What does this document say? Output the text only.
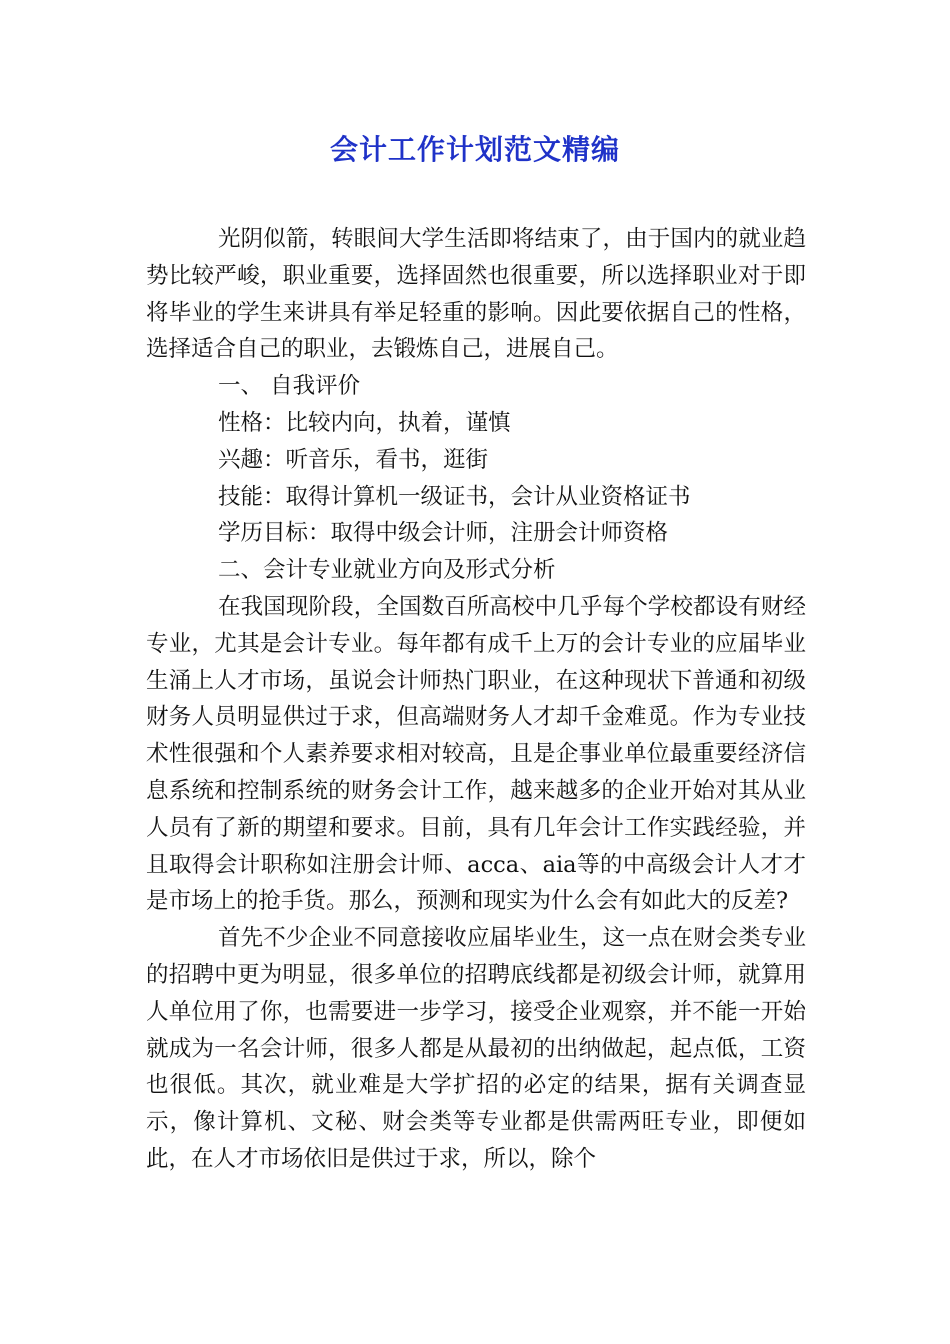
会计工作计划范文精编

光阴似箭，转眼间大学生活即将结束了，由于国内的就业趋势比较严峻，职业重要，选择固然也很重要，所以选择职业对于即将毕业的学生来讲具有举足轻重的影响。因此要依据自己的性格，选择适合自己的职业，去锻炼自己，进展自己。

一、 自我评价

性格：比较内向，执着，谨慎

兴趣：听音乐，看书，逛街

技能：取得计算机一级证书，会计从业资格证书

学历目标：取得中级会计师，注册会计师资格

二、会计专业就业方向及形式分析

在我国现阶段，全国数百所高校中几乎每个学校都设有财经专业，尤其是会计专业。每年都有成千上万的会计专业的应届毕业生涌上人才市场，虽说会计师热门职业，在这种现状下普通和初级财务人员明显供过于求，但高端财务人才却千金难觅。作为专业技术性很强和个人素养要求相对较高，且是企事业单位最重要经济信息系统和控制系统的财务会计工作，越来越多的企业开始对其从业人员有了新的期望和要求。目前，具有几年会计工作实践经验，并且取得会计职称如注册会计师、acca、aia等的中高级会计人才才是市场上的抢手货。那么，预测和现实为什么会有如此大的反差?

首先不少企业不同意接收应届毕业生，这一点在财会类专业的招聘中更为明显，很多单位的招聘底线都是初级会计师，就算用人单位用了你，也需要进一步学习，接受企业观察，并不能一开始就成为一名会计师，很多人都是从最初的出纳做起，起点低，工资也很低。其次，就业难是大学扩招的必定的结果，据有关调查显示，像计算机、文秘、财会类等专业都是供需两旺专业，即便如此，在人才市场依旧是供过于求，所以，除个
